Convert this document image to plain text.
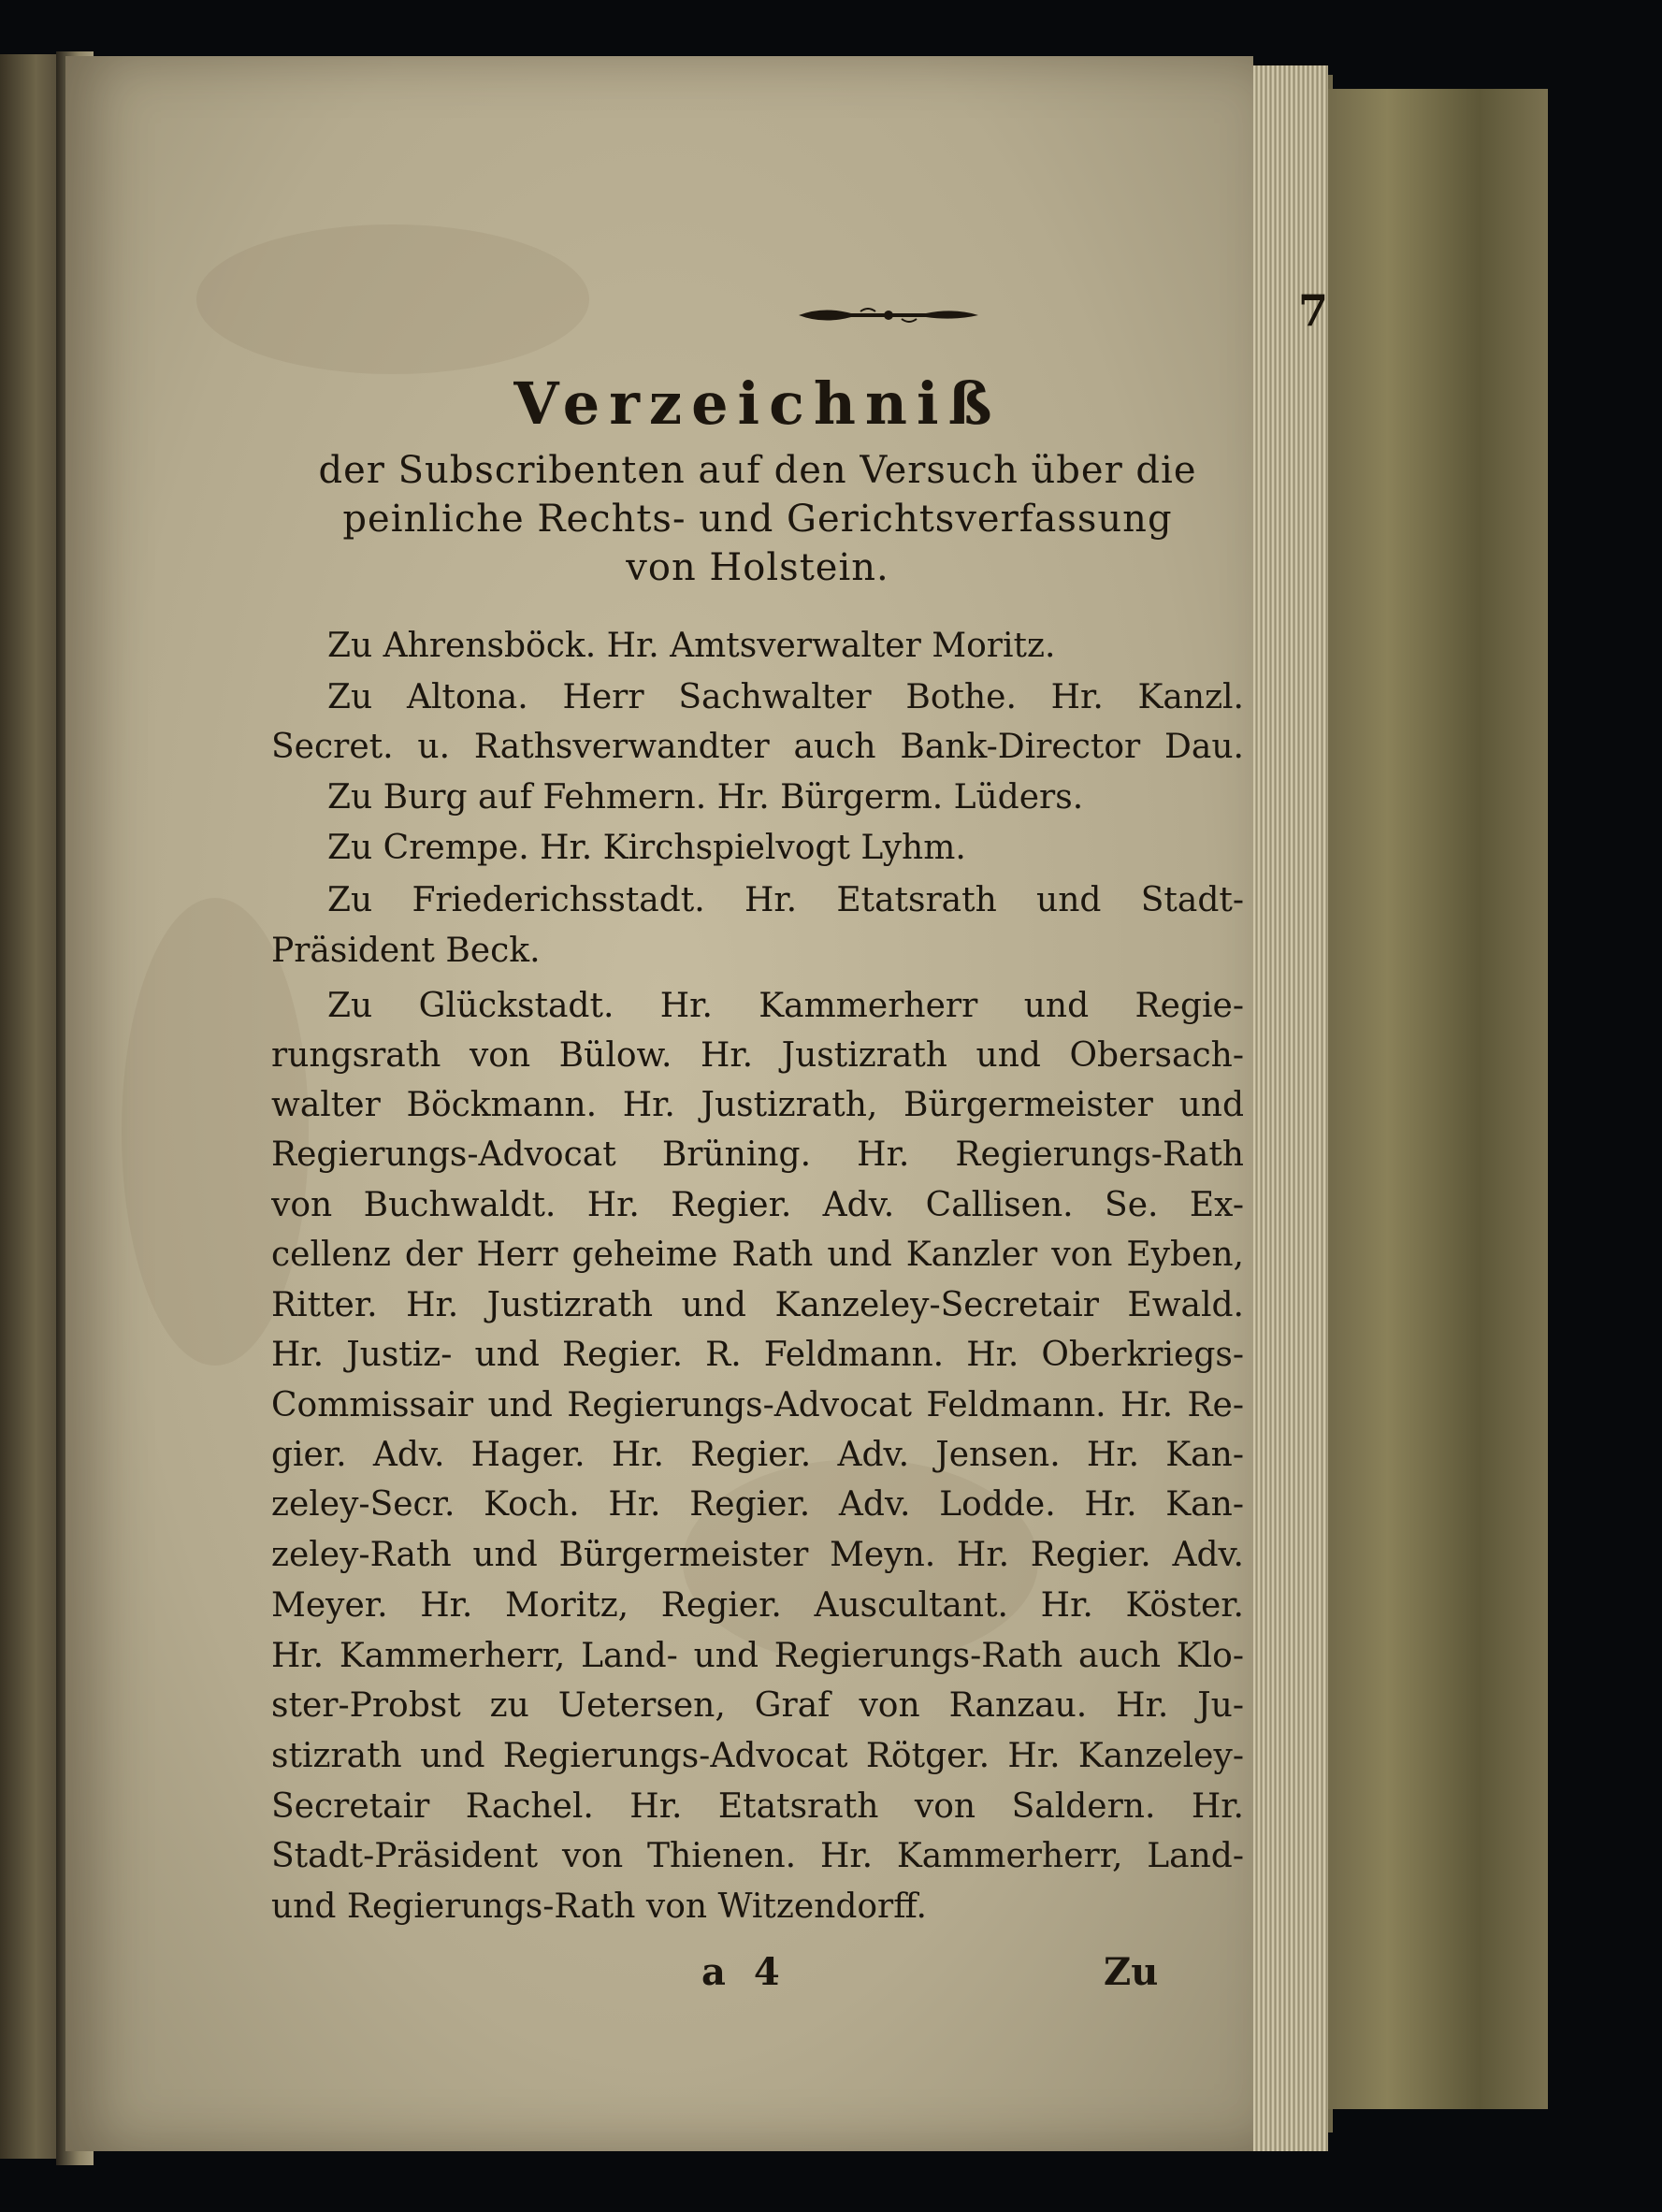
7
Verzeichniß
der Subscribenten auf den Versuch über die
peinliche Rechts- und Gerichtsverfassung
von Holstein.
Zu Ahrensböck. Hr. Amtsverwalter Moritz.
Zu Altona. Herr Sachwalter Bothe. Hr. Kanzl.
Secret. u. Rathsverwandter auch Bank-Director Dau.
Zu Burg auf Fehmern. Hr. Bürgerm. Lüders.
Zu Crempe. Hr. Kirchspielvogt Lyhm.
Zu Friederichsstadt. Hr. Etatsrath und Stadt-
Präsident Beck.
Zu Glückstadt. Hr. Kammerherr und Regie-
rungsrath von Bülow. Hr. Justizrath und Obersach-
walter Böckmann. Hr. Justizrath, Bürgermeister und
Regierungs-Advocat Brüning. Hr. Regierungs-Rath
von Buchwaldt. Hr. Regier. Adv. Callisen. Se. Ex-
cellenz der Herr geheime Rath und Kanzler von Eyben,
Ritter. Hr. Justizrath und Kanzeley-Secretair Ewald.
Hr. Justiz- und Regier. R. Feldmann. Hr. Oberkriegs-
Commissair und Regierungs-Advocat Feldmann. Hr. Re-
gier. Adv. Hager. Hr. Regier. Adv. Jensen. Hr. Kan-
zeley-Secr. Koch. Hr. Regier. Adv. Lodde. Hr. Kan-
zeley-Rath und Bürgermeister Meyn. Hr. Regier. Adv.
Meyer. Hr. Moritz, Regier. Auscultant. Hr. Köster.
Hr. Kammerherr, Land- und Regierungs-Rath auch Klo-
ster-Probst zu Uetersen, Graf von Ranzau. Hr. Ju-
stizrath und Regierungs-Advocat Rötger. Hr. Kanzeley-
Secretair Rachel. Hr. Etatsrath von Saldern. Hr.
Stadt-Präsident von Thienen. Hr. Kammerherr, Land-
und Regierungs-Rath von Witzendorff.
a 4	Zu
